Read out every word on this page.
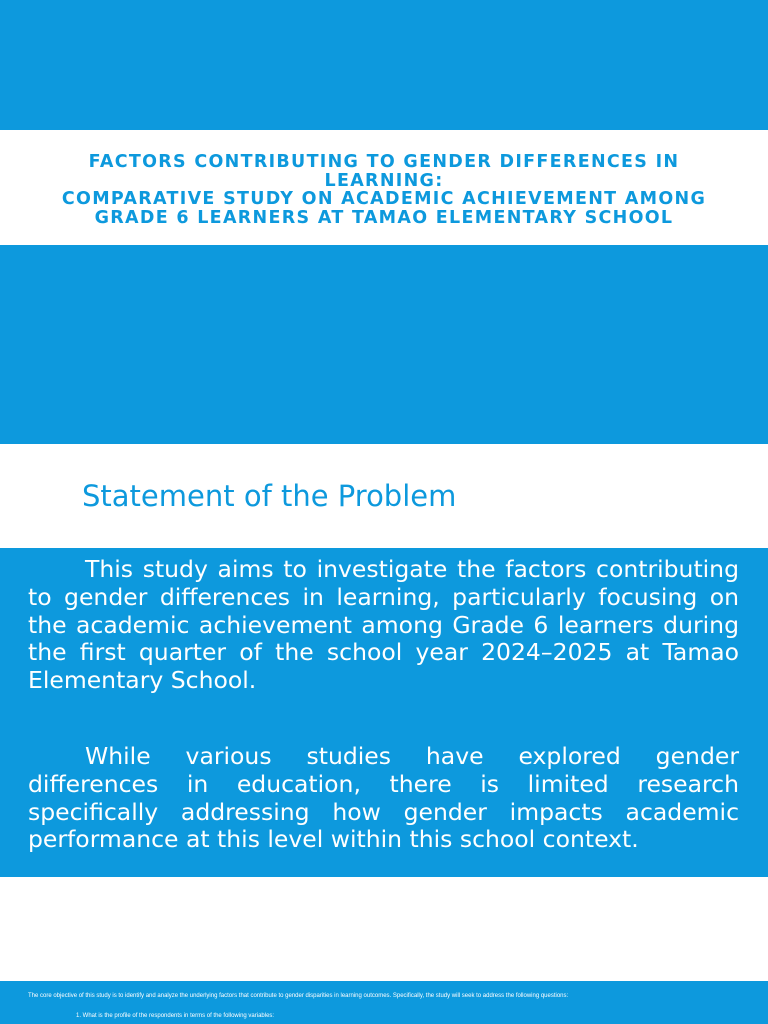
FACTORS CONTRIBUTING TO GENDER DIFFERENCES IN
LEARNING:
COMPARATIVE STUDY ON ACADEMIC ACHIEVEMENT AMONG
GRADE 6 LEARNERS AT TAMAO ELEMENTARY SCHOOL
Statement of the Problem

This study aims to investigate the factors contributing to gender differences in learning, particularly focusing on the academic achievement among Grade 6 learners during the first quarter of the school year 2024–2025 at Tamao Elementary School.

While various studies have explored gender differences in education, there is limited research specifically addressing how gender impacts academic performance at this level within this school context.

The core objective of this study is to identify and analyze the underlying factors that contribute to gender disparities in learning outcomes. Specifically, the study will seek to address the following questions:
1. What is the profile of the respondents in terms of the following variables:
